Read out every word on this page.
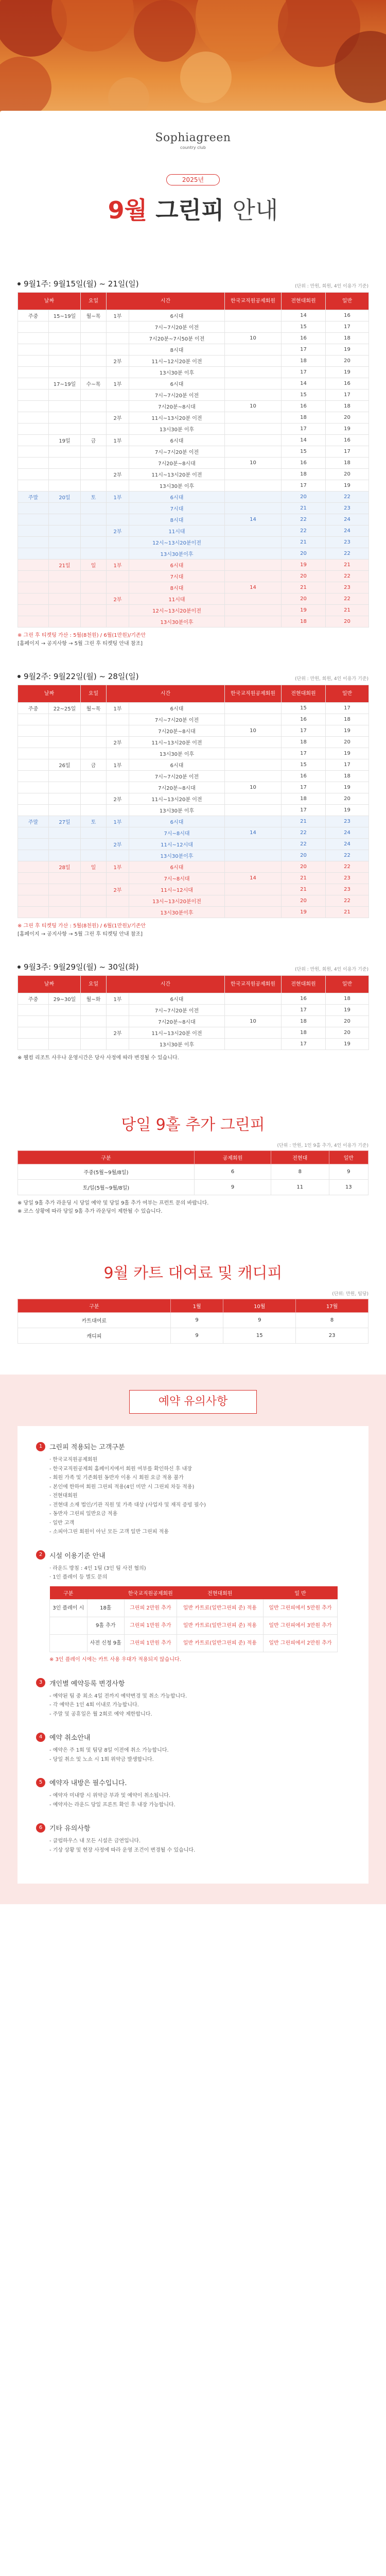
Sophiagreen
country club
2025년
9월 그린피 안내
9월1주: 9월15일(월) ~ 21일(일)	(단위 : 만원, 회원, 4인 이용가 기준)
날짜		요일	시간		한국교직원공제회원	전현대회원	일반
주중	15~19일	월~목	1부	6시대		14	16
				7시~7시20분 이전		15	17
				7시20분~7시50분 이전	10	16	18
				8시대		17	19
			2부	11시~12시20분 이전		18	20
				13시30분 이후		17	19
	17~19일	수~목	1부	6시대		14	16
				7시~7시20분 이전		15	17
				7시20분~8시대	10	16	18
			2부	11시~13시20분 이전		18	20
				13시30분 이후		17	19
	19일	금	1부	6시대		14	16
				7시~7시20분 이전		15	17
				7시20분~8시대	10	16	18
			2부	11시~13시20분 이전		18	20
				13시30분 이후		17	19
주말	20일	토	1부	6시대		20	22
				7시대		21	23
				8시대	14	22	24
			2부	11시대		22	24
				12시~13시20분이전		21	23
				13시30분이후		20	22
	21일	일	1부	6시대		19	21
				7시대		20	22
				8시대	14	21	23
			2부	11시대		20	22
				12시~13시20분이전		19	21
				13시30분이후		18	20
※ 그린 후 티켓팅 가산 : 5월(8천원) / 6월(1만원)/기존안
[홈페이지 → 공지사항 → 5월 그린 후 티켓팅 안내 참조]
9월2주: 9월22일(월) ~ 28일(일)	(단위 : 만원, 회원, 4인 이용가 기준)
날짜		요일	시간		한국교직원공제회원	전현대회원	일반
주중	22~25일	월~목	1부	6시대		15	17
				7시~7시20분 이전		16	18
				7시20분~8시대	10	17	19
			2부	11시~13시20분 이전		18	20
				13시30분 이후		17	19
	26일	금	1부	6시대		15	17
				7시~7시20분 이전		16	18
				7시20분~8시대	10	17	19
			2부	11시~13시20분 이전		18	20
				13시30분 이후		17	19
주말	27일	토	1부	6시대		21	23
				7시~8시대	14	22	24
			2부	11시~12시대		22	24
				13시30분이후		20	22
	28일	일	1부	6시대		20	22
				7시~8시대	14	21	23
			2부	11시~12시대		21	23
				13시~13시20분이전		20	22
				13시30분이후		19	21
※ 그린 후 티켓팅 가산 : 5월(8천원) / 6월(1만원)/기존안
[홈페이지 → 공지사항 → 5월 그린 후 티켓팅 안내 참조]
9월3주: 9월29일(월) ~ 30일(화)	(단위 : 만원, 회원, 4인 이용가 기준)
날짜		요일	시간		한국교직원공제회원	전현대회원	일반
주중	29~30일	월~화	1부	6시대		16	18
				7시~7시20분 이전		17	19
				7시20분~8시대	10	18	20
			2부	11시~13시20분 이전		18	20
				13시30분 이후		17	19
※ 웰컴 리조트 사우나 운영시간은 당사 사정에 따라 변경될 수 있습니다.
당일 9홀 추가 그린피
(단위 : 만원, 1인 9홀 추가, 4인 이용가 기준)
구분	공제회원	전현대	일반
주중(5월~9월/8일)	6	8	9
토/일(5월~9월/8일)	9	11	13
※ 당일 9홀 추가 라운딩 시 당일 예약 및 당일 9홀 추가 여부는 프런트 문의 바랍니다.
※ 코스 상황에 따라 당일 9홀 추가 라운딩이 제한될 수 있습니다.
9월 카트 대여료 및 캐디피
(단위: 만원, 팀당)
구분	1월	10월	17월
카트대여료	9	9	8
캐디피	9	15	23
예약 유의사항
1	그린피 적용되는 고객구분
· 한국교직원공제회원
- 한국교직원공제회 홈페이지에서 회원 여부를 확인하신 후 내장
- 회원 가족 및 기존회원 동반자 이용 시 회원 요금 적용 불가
- 본인에 한하여 회원 그린피 적용(4인 미만 시 그린피 차등 적용)
· 전현대회원
- 전현대 소재 법인/기관 직원 및 가족 대상 (사업자 및 재직 증빙 필수)
- 동반자 그린피 일반요금 적용
· 일반 고객
- 소피아그린 회원이 아닌 모든 고객 일반 그린피 적용
2	시설 이용기준 안내
· 라운드 방침 : 4인 1팀 (3인 팀 사전 협의)
· 1인 플레이 등 별도 문의
구분		한국교직원공제회원	전현대회원	일 반
3인 플레이 시	18홀	그린피 2만원 추가	일반 카트료(일반그린피 준) 적용	일반 그린피에서 5만원 추가
	9홀 추가	그린피 1만원 추가	일반 카트료(일반그린피 준) 적용	일반 그린피에서 3만원 추가
	사전 신청 9홀	그린피 1만원 추가	일반 카트료(일반그린피 준) 적용	일반 그린피에서 2만원 추가
※ 3인 플레이 시에는 카트 사용 우대가 적용되지 않습니다.
3	개인별 예약등록 변경사항
- 예약된 팀 중 최소 4일 전까지 예약변경 및 취소 가능합니다.
- 각 예약은 1인 4회 이내로 가능합니다.
- 주말 및 공휴일은 월 2회로 예약 제한합니다.
4	예약 취소안내
- 예약은 주 1회 및 팀당 8일 이전에 취소 가능합니다.
- 당일 취소 및 노쇼 시 1회 위약금 발생합니다.
5	예약자 내방은 필수입니다.
- 예약자 미내방 시 위약금 부과 및 예약이 취소됩니다.
- 예약자는 라운드 당일 프론트 확인 후 내장 가능합니다.
6	기타 유의사항
- 클럽하우스 내 모든 시설은 금연입니다.
- 기상 상황 및 현장 사정에 따라 운영 조건이 변경될 수 있습니다.
